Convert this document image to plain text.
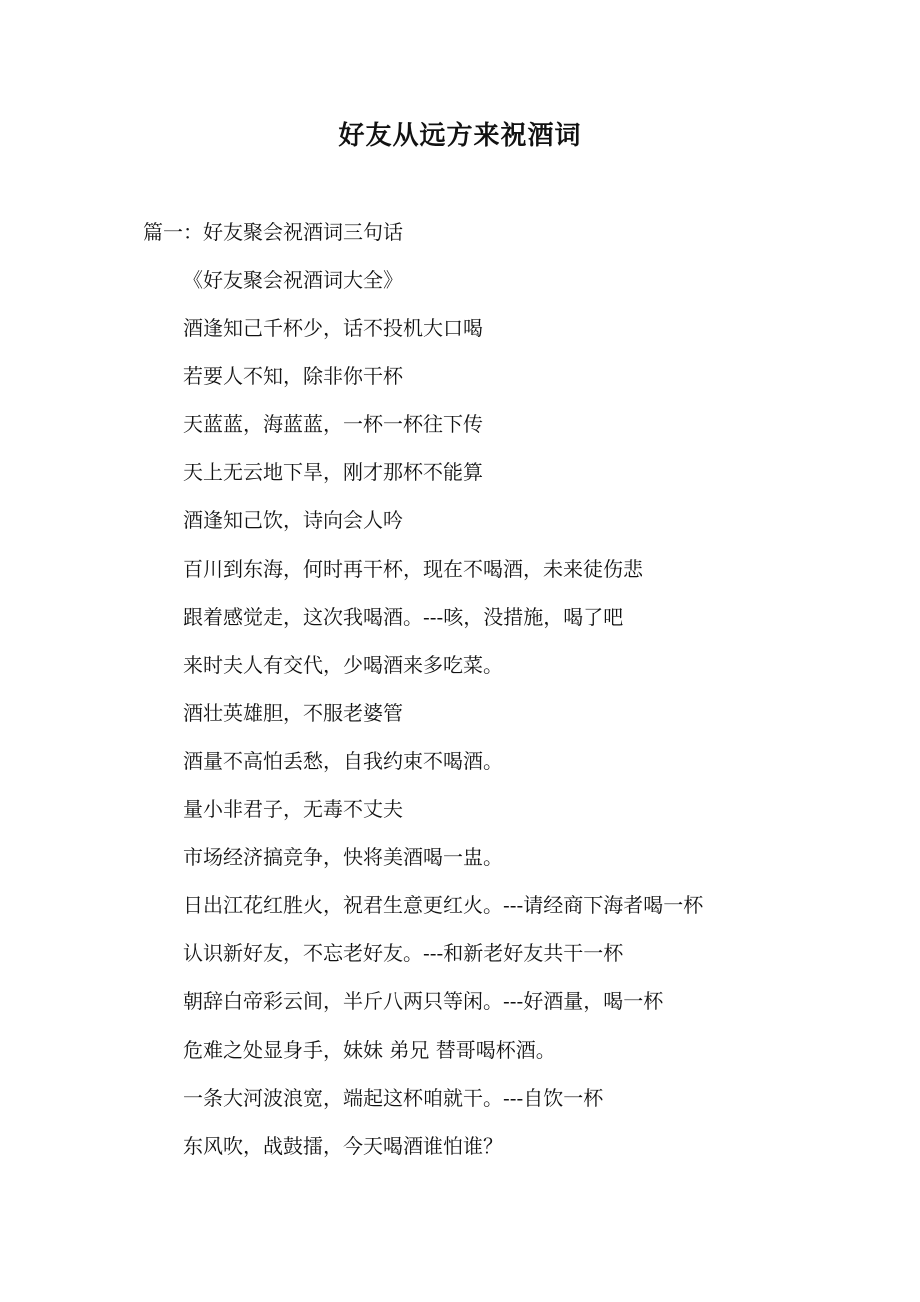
好友从远方来祝酒词
篇一：好友聚会祝酒词三句话
《好友聚会祝酒词大全》
酒逢知己千杯少，话不投机大口喝
若要人不知，除非你干杯
天蓝蓝，海蓝蓝，一杯一杯往下传
天上无云地下旱，刚才那杯不能算
酒逢知己饮，诗向会人吟
百川到东海，何时再干杯，现在不喝酒，未来徒伤悲
跟着感觉走，这次我喝酒。---咳，没措施，喝了吧
来时夫人有交代，少喝酒来多吃菜。
酒壮英雄胆，不服老婆管
酒量不高怕丢愁，自我约束不喝酒。
量小非君子，无毒不丈夫
市场经济搞竞争，快将美酒喝一盅。
日出江花红胜火，祝君生意更红火。---请经商下海者喝一杯
认识新好友，不忘老好友。---和新老好友共干一杯
朝辞白帝彩云间，半斤八两只等闲。---好酒量，喝一杯
危难之处显身手，妹妹 弟兄 替哥喝杯酒。
一条大河波浪宽，端起这杯咱就干。---自饮一杯
东风吹，战鼓擂，今天喝酒谁怕谁？
